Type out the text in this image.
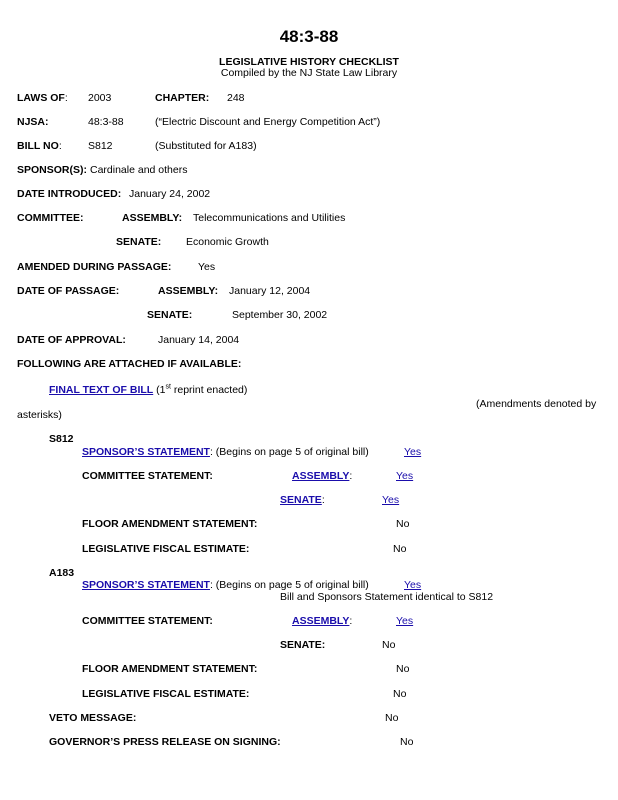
48:3-88
LEGISLATIVE HISTORY CHECKLIST
Compiled by the NJ State Law Library
LAWS OF: 2003	CHAPTER: 248
NJSA:	48:3-88	(“Electric Discount and Energy Competition Act”)
BILL NO:	S812	(Substituted for A183)
SPONSOR(S): Cardinale and others
DATE INTRODUCED: January 24, 2002
COMMITTEE:	ASSEMBLY: Telecommunications and Utilities
SENATE: Economic Growth
AMENDED DURING PASSAGE:	Yes
DATE OF PASSAGE:	ASSEMBLY: January 12, 2004
SENATE:	September 30, 2002
DATE OF APPROVAL:	January 14, 2004
FOLLOWING ARE ATTACHED IF AVAILABLE:
FINAL TEXT OF BILL (1st reprint enacted)
(Amendments denoted by
asterisks)
S812
SPONSOR’S STATEMENT: (Begins on page 5 of original bill)	Yes
COMMITTEE STATEMENT:	ASSEMBLY:	Yes
SENATE:	Yes
FLOOR AMENDMENT STATEMENT:	No
LEGISLATIVE FISCAL ESTIMATE:	No
A183
SPONSOR’S STATEMENT: (Begins on page 5 of original bill)	Yes
Bill and Sponsors Statement identical to S812
COMMITTEE STATEMENT:	ASSEMBLY:	Yes
SENATE:	No
FLOOR AMENDMENT STATEMENT:	No
LEGISLATIVE FISCAL ESTIMATE:	No
VETO MESSAGE:	No
GOVERNOR’S PRESS RELEASE ON SIGNING:	No
